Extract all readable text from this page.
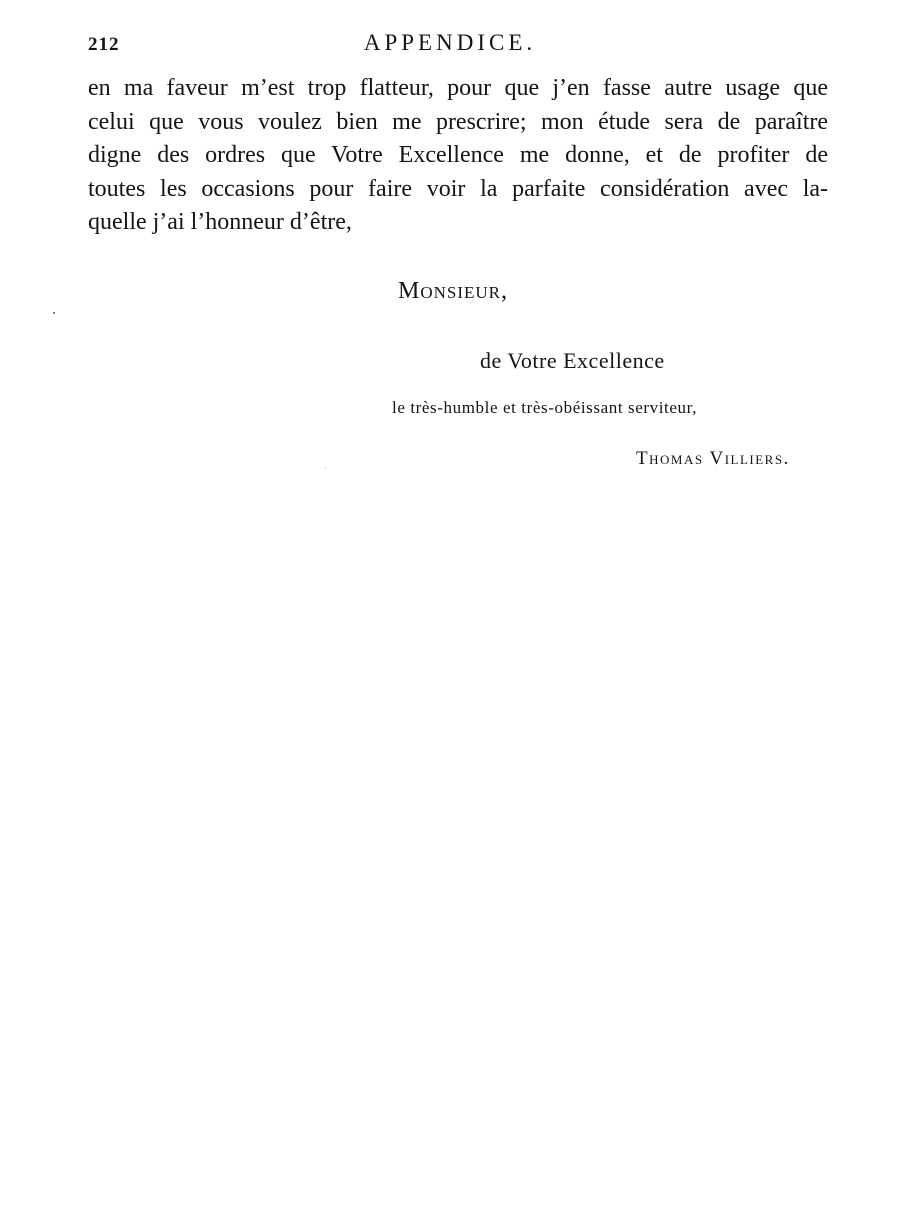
212	APPENDICE.
en ma faveur m’est trop flatteur, pour que j’en fasse autre usage que
celui que vous voulez bien me prescrire; mon étude sera de paraître
digne des ordres que Votre Excellence me donne, et de profiter de
toutes les occasions pour faire voir la parfaite considération avec la-
quelle j’ai l’honneur d’être,
Monsieur,
de Votre Excellence
le très-humble et très-obéissant serviteur,
Thomas Villiers.
